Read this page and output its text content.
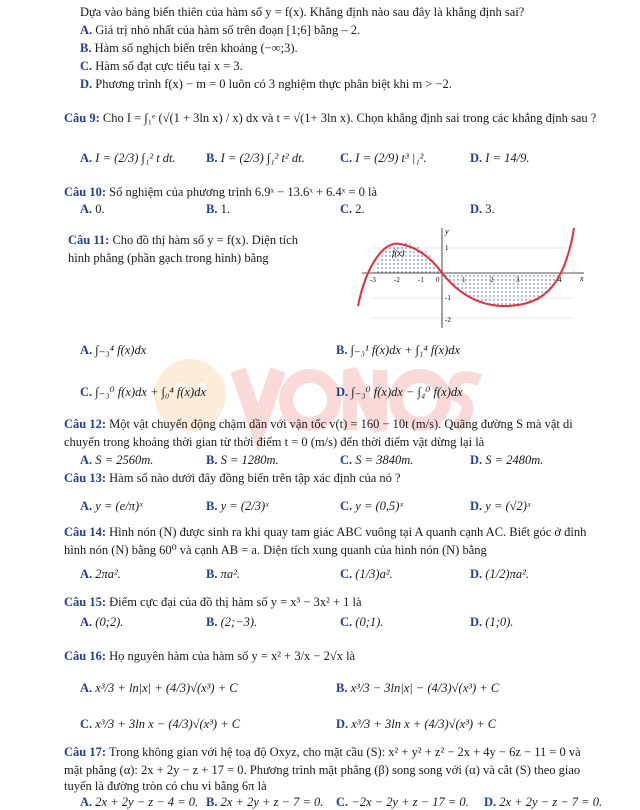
Dựa vào bảng biến thiên của hàm số y = f(x). Khẳng định nào sau đây là khẳng định sai?
A. Giá trị nhỏ nhất của hàm số trên đoạn [1;6] bằng – 2.
B. Hàm số nghịch biến trên khoảng (−∞;3).
C. Hàm số đạt cực tiểu tại x = 3.
D. Phương trình f(x) − m = 0 luôn có 3 nghiệm thực phân biệt khi m > −2.
Câu 9: Cho I = ∫₁ᵉ (√(1 + 3ln x) / x) dx và t = √(1+ 3ln x). Chọn khẳng định sai trong các khẳng định sau ?
A. I = (2/3) ∫₁² t dt. B. I = (2/3) ∫₁² t² dt.	C. I = (2/9) t³ |₁².	D. I = 14/9.
Câu 10: Số nghiệm của phương trình 6.9ˣ − 13.6ˣ + 6.4ˣ = 0 là
A. 0.	B. 1.	C. 2.	D. 3.
Câu 11: Cho đồ thị hàm số y = f(x). Diện tích
hình phẳng (phần gạch trong hình) bằng	f(x)
y
x
0
-3	-2	-1	1	2	3	4
1
-1
-2
A. ∫₋₃⁴ f(x)dx	B. ∫₋₃¹ f(x)dx + ∫₁⁴ f(x)dx
C. ∫₋₃⁰ f(x)dx + ∫₀⁴ f(x)dx	D. ∫₋₃⁰ f(x)dx − ∫₄⁰ f(x)dx
Câu 12: Một vật chuyển động chậm dần với vận tốc v(t) = 160 − 10t (m/s). Quãng đường S mà vật di
chuyển trong khoảng thời gian từ thời điểm t = 0 (m/s) đến thời điểm vật dừng lại là
A. S = 2560m.	B. S = 1280m.	C. S = 3840m.	D. S = 2480m.
Câu 13: Hàm số nào dưới đây đồng biến trên tập xác định của nó ?
A. y = (e/π)ˣ	B. y = (2/3)ˣ	C. y = (0,5)ˣ	D. y = (√2)ˣ
Câu 14: Hình nón (N) được sinh ra khi quay tam giác ABC vuông tại A quanh cạnh AC. Biết góc ở đỉnh
hình nón (N) bằng 60⁰ và cạnh AB = a. Diện tích xung quanh của hình nón (N) bằng
A. 2πa².	B. πa².	C. (1/3)a².	D. (1/2)πa².
Câu 15: Điểm cực đại của đồ thị hàm số y = x³ − 3x² + 1 là
A. (0;2).	B. (2;−3).	C. (0;1).	D. (1;0).
Câu 16: Họ nguyên hàm của hàm số y = x² + 3/x − 2√x là
A. x³/3 + ln|x| + (4/3)√(x³) + C	B. x³/3 − 3ln|x| − (4/3)√(x³) + C
C. x³/3 + 3ln x − (4/3)√(x³) + C	D. x³/3 + 3ln x + (4/3)√(x³) + C
Câu 17: Trong không gian với hệ toạ độ Oxyz, cho mặt cầu (S): x² + y² + z² − 2x + 4y − 6z − 11 = 0 và
mặt phẳng (α): 2x + 2y − z + 17 = 0. Phương trình mặt phẳng (β) song song với (α) và cắt (S) theo giao
tuyến là đường tròn có chu vi bằng 6π là
A. 2x + 2y − z − 4 = 0. B. 2x + 2y + z − 7 = 0. C. −2x − 2y + z − 17 = 0. D. 2x + 2y − z − 7 = 0.
